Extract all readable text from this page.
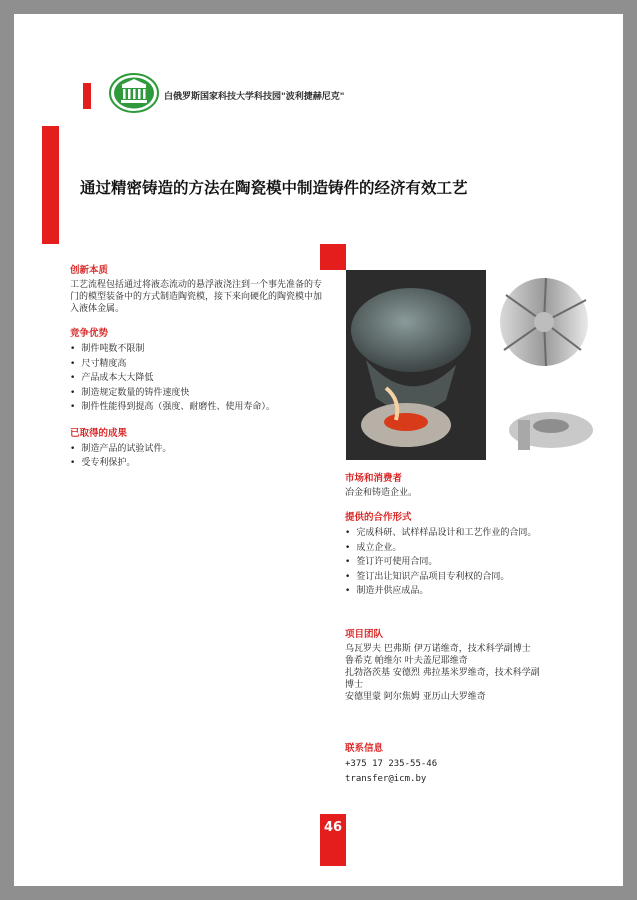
白俄罗斯国家科技大学科技园"波利捷赫尼克"
通过精密铸造的方法在陶瓷模中制造铸件的经济有效工艺
创新本质

工艺流程包括通过将液态流动的悬浮液浇注到一个事先准备的专门的模型装备中的方式制造陶瓷模，接下来向硬化的陶瓷模中加入液体金属。

竞争优势
• 制件吨数不限制
• 尺寸精度高
• 产品成本大大降低
• 制造规定数量的铸件速度快
• 制件性能得到提高（强度、耐磨性、使用寿命）。
已取得的成果
• 制造产品的试验试件。
• 受专利保护。
市场和消费者

冶金和铸造企业。

提供的合作形式
• 完成科研、试样样品设计和工艺作业的合同。
• 成立企业。
• 签订许可使用合同。
• 签订出让知识产品项目专利权的合同。
• 制造并供应成品。
项目团队

乌瓦罗夫 巴弗斯 伊万诺维奇，技术科学副博士

鲁希克 帕维尔 叶夫盖尼耶维奇

扎勃洛茨基 安德烈 弗拉基米罗维奇，技术科学副

博士

安德里蒙 阿尔焦姆 亚历山大罗维奇

联系信息
+375 17 235-55-46
transfer@icm.by
46
